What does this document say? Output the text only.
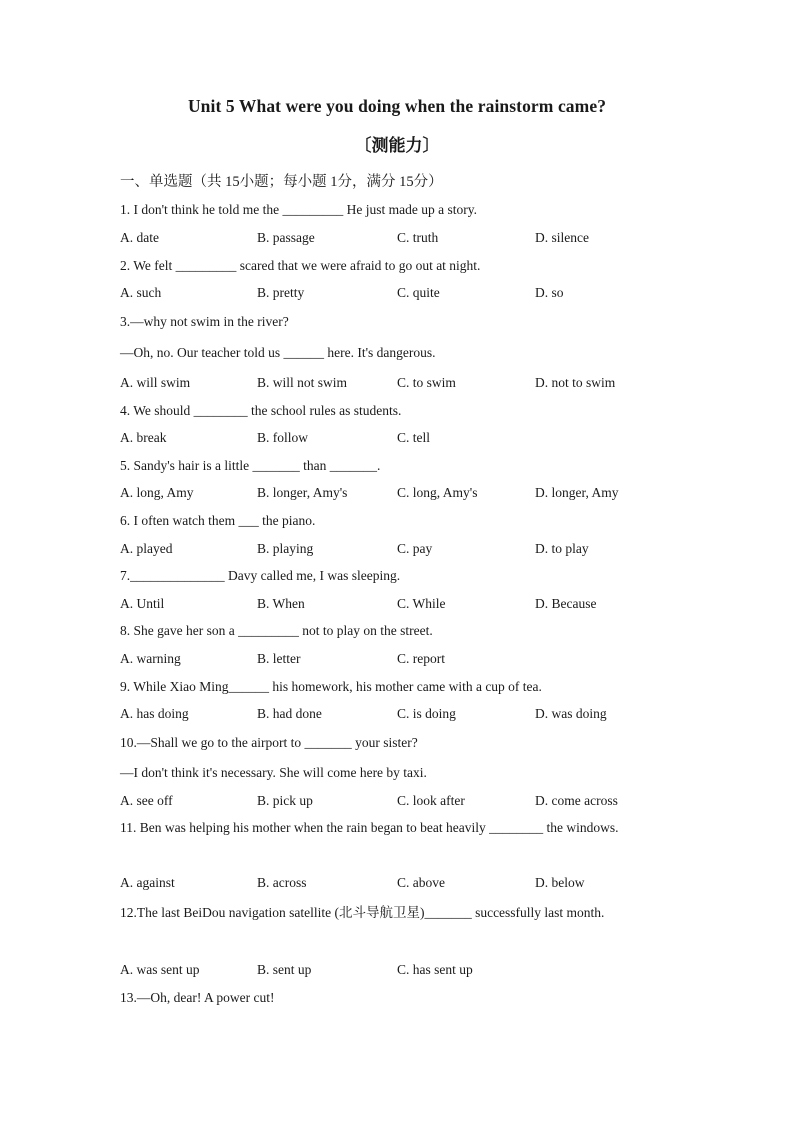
Unit 5 What were you doing when the rainstorm came?
〔测能力〕
一、单选题（共 15小题；每小题 1分，满分 15分）
1. I don't think he told me the _________ He just made up a story.
A. date	B. passage	C. truth	D. silence
2. We felt _________ scared that we were afraid to go out at night.
A. such	B. pretty	C. quite	D. so
3.—why not swim in the river?
—Oh, no. Our teacher told us ______ here. It's dangerous.
A. will swim	B. will not swim	C. to swim	D. not to swim
4. We should ________ the school rules as students.
A. break	B. follow	C. tell
5. Sandy's hair is a little _______ than _______.
A. long, Amy	B. longer, Amy's	C. long, Amy's	D. longer, Amy
6. I often watch them ___ the piano.
A. played	B. playing	C. pay	D. to play
7.______________ Davy called me, I was sleeping.
A. Until	B. When	C. While	D. Because
8. She gave her son a _________ not to play on the street.
A. warning	B. letter	C. report
9. While Xiao Ming______ his homework, his mother came with a cup of tea.
A. has doing	B. had done	C. is doing	D. was doing
10.—Shall we go to the airport to _______ your sister?
—I don't think it's necessary. She will come here by taxi.
A. see off	B. pick up	C. look after	D. come across
11. Ben was helping his mother when the rain began to beat heavily ________ the windows.
A. against	B. across	C. above	D. below
12.The last BeiDou navigation satellite (北斗导航卫星)_______ successfully last month.
A. was sent up	B. sent up	C. has sent up
13.—Oh, dear! A power cut!
